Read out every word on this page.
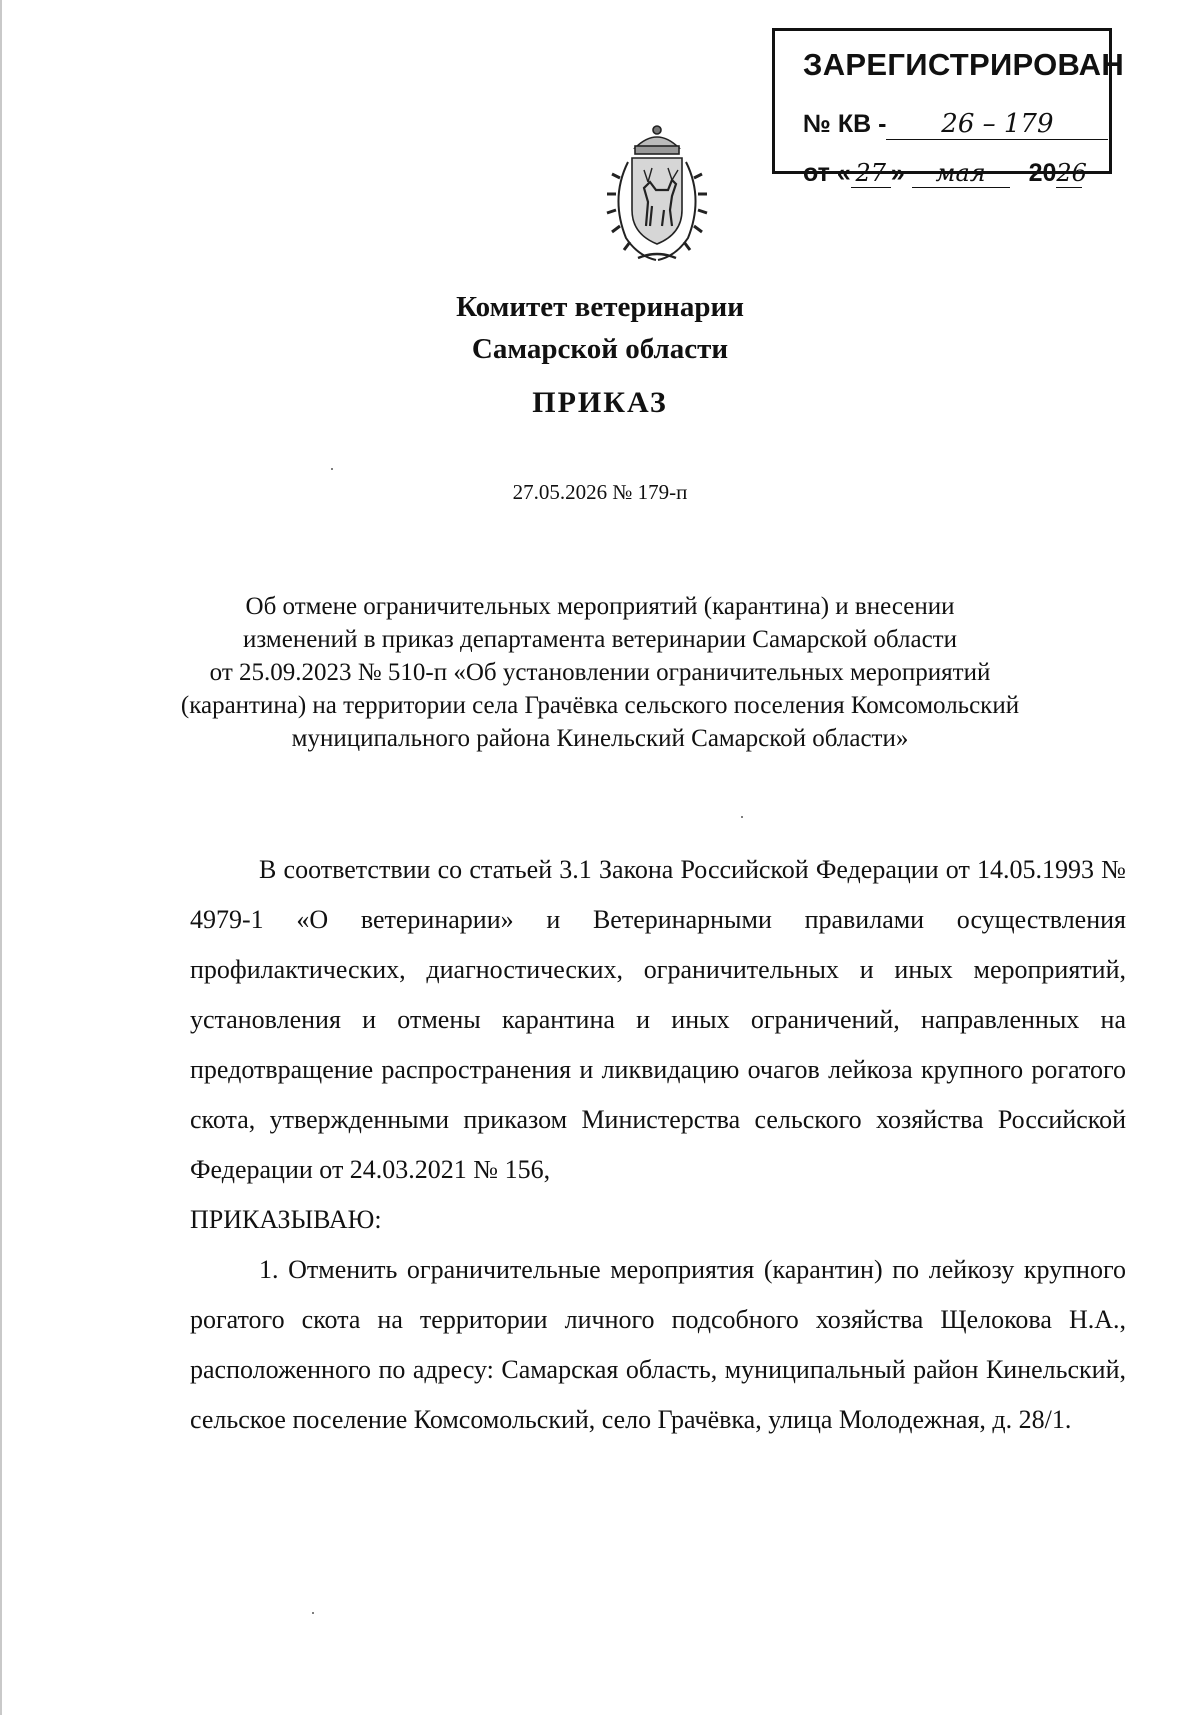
ЗАРЕГИСТРИРОВАН
№ КВ - 26 – 179
от « 27 » мая 2026
Комитет ветеринарии
Самарской области
ПРИКАЗ
27.05.2026 № 179-п
Об отмене ограничительных мероприятий (карантина) и внесении
изменений в приказ департамента ветеринарии Самарской области
от 25.09.2023 № 510-п «Об установлении ограничительных мероприятий
(карантина) на территории села Грачёвка сельского поселения Комсомольский
муниципального района Кинельский Самарской области»

В соответствии со статьей 3.1 Закона Российской Федерации от 14.05.1993 № 4979-1 «О ветеринарии» и Ветеринарными правилами осуществления профилактических, диагностических, ограничительных и иных мероприятий, установления и отмены карантина и иных ограничений, направленных на предотвращение распространения и ликвидацию очагов лейкоза крупного рогатого скота, утвержденными приказом Министерства сельского хозяйства Российской Федерации от 24.03.2021 № 156,

ПРИКАЗЫВАЮ:

1. Отменить ограничительные мероприятия (карантин) по лейкозу крупного рогатого скота на территории личного подсобного хозяйства Щелокова Н.А., расположенного по адресу: Самарская область, муниципальный район Кинельский, сельское поселение Комсомольский, село Грачёвка, улица Молодежная, д. 28/1.
